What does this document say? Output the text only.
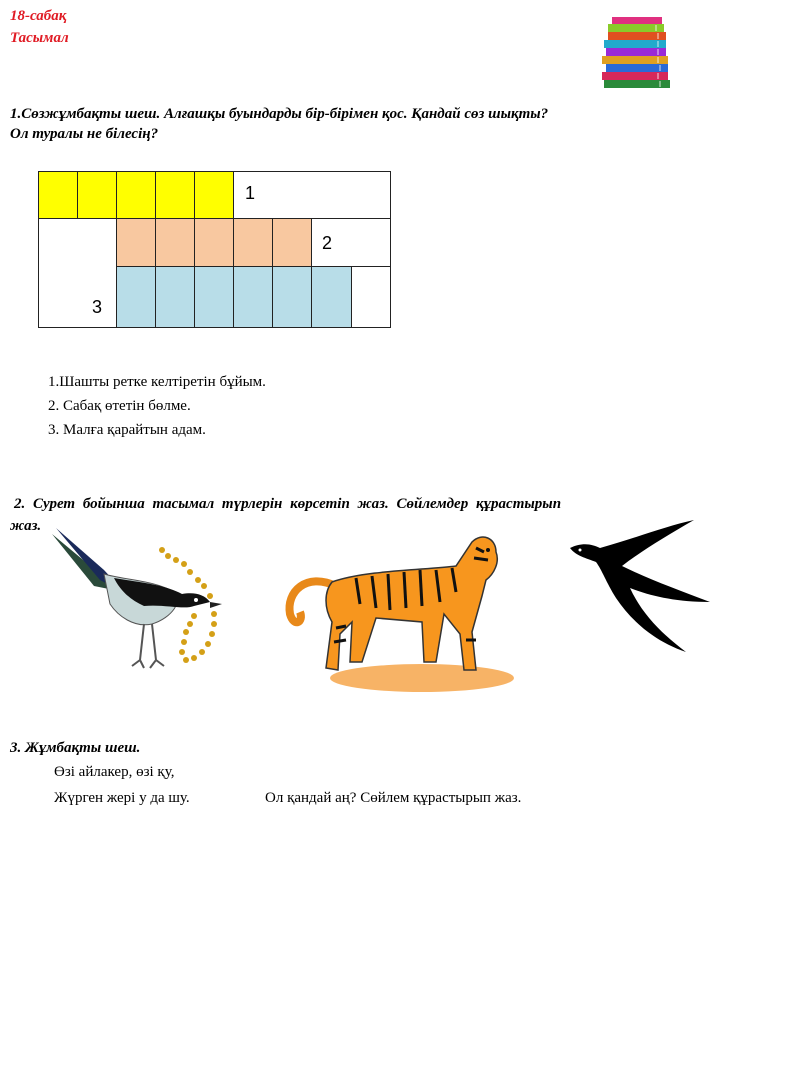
18-сабақ
Тасымал
1.Сөзжұмбақты шеш. Алғашқы буындарды бір-бірімен қос. Қандай сөз шықты?
Ол туралы не білесің?
1
2
3
1.Шашты ретке келтіретін бұйым.
2. Сабақ өтетін бөлме.
3. Малға қарайтын адам.
2. Сурет бойынша тасымал түрлерін көрсетіп жаз. Сөйлемдер құрастырып
жаз.
3. Жұмбақты шеш.
Өзі айлакер, өзі қу,
Жүрген жері у да шу.	Ол қандай аң? Сөйлем құрастырып жаз.
